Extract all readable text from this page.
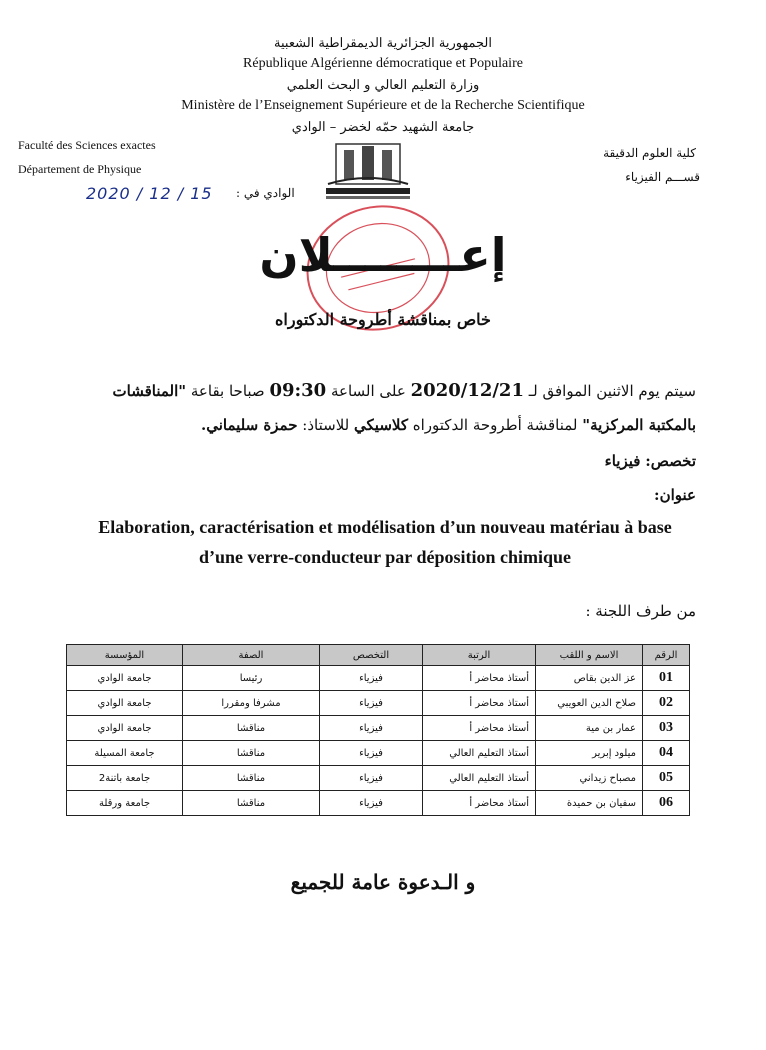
الجمهورية الجزائرية الديمقراطية الشعبية
République Algérienne démocratique et Populaire
وزارة التعليم العالي و البحث العلمي
Ministère de l’Enseignement Supérieure et de la Recherche Scientifique
جامعة الشهيد حمّه لخضر – الوادي
Faculté des Sciences exactes
Département de Physique
2020 / 12 / 15 الوادي في :
كلية العلوم الدقيقة
قســـم الفيزياء
إعــــــــلان
خاص بمناقشة أطروحة الدكتوراه
سيتم يوم الاثنين الموافق لـ 2020/12/21 على الساعة 09:30 صباحا بقاعة "المناقشات
بالمكتبة المركزية" لمناقشة أطروحة الدكتوراه كلاسيكي للاستاذ: حمزة سليماني.
تخصص: فيزياء
عنوان:
Elaboration, caractérisation et modélisation d’un nouveau matériau à base
d’une verre-conducteur par déposition chimique
من طرف اللجنة :
الرقم	الاسم و اللقب	الرتبة	التخصص	الصفة	المؤسسة
01	عز الدين بقاص	أستاذ محاضر أ	فيزياء	رئيسا	جامعة الوادي
02	صلاح الدين العويبي	أستاذ محاضر أ	فيزياء	مشرفا ومقررا	جامعة الوادي
03	عمار بن مية	أستاذ محاضر أ	فيزياء	مناقشا	جامعة الوادي
04	ميلود إبرير	أستاذ التعليم العالي	فيزياء	مناقشا	جامعة المسيلة
05	مصباح زيداني	أستاذ التعليم العالي	فيزياء	مناقشا	جامعة باتنة2
06	سفيان بن حميدة	أستاذ محاضر أ	فيزياء	مناقشا	جامعة ورقلة
و الـدعوة عامة للجميع
